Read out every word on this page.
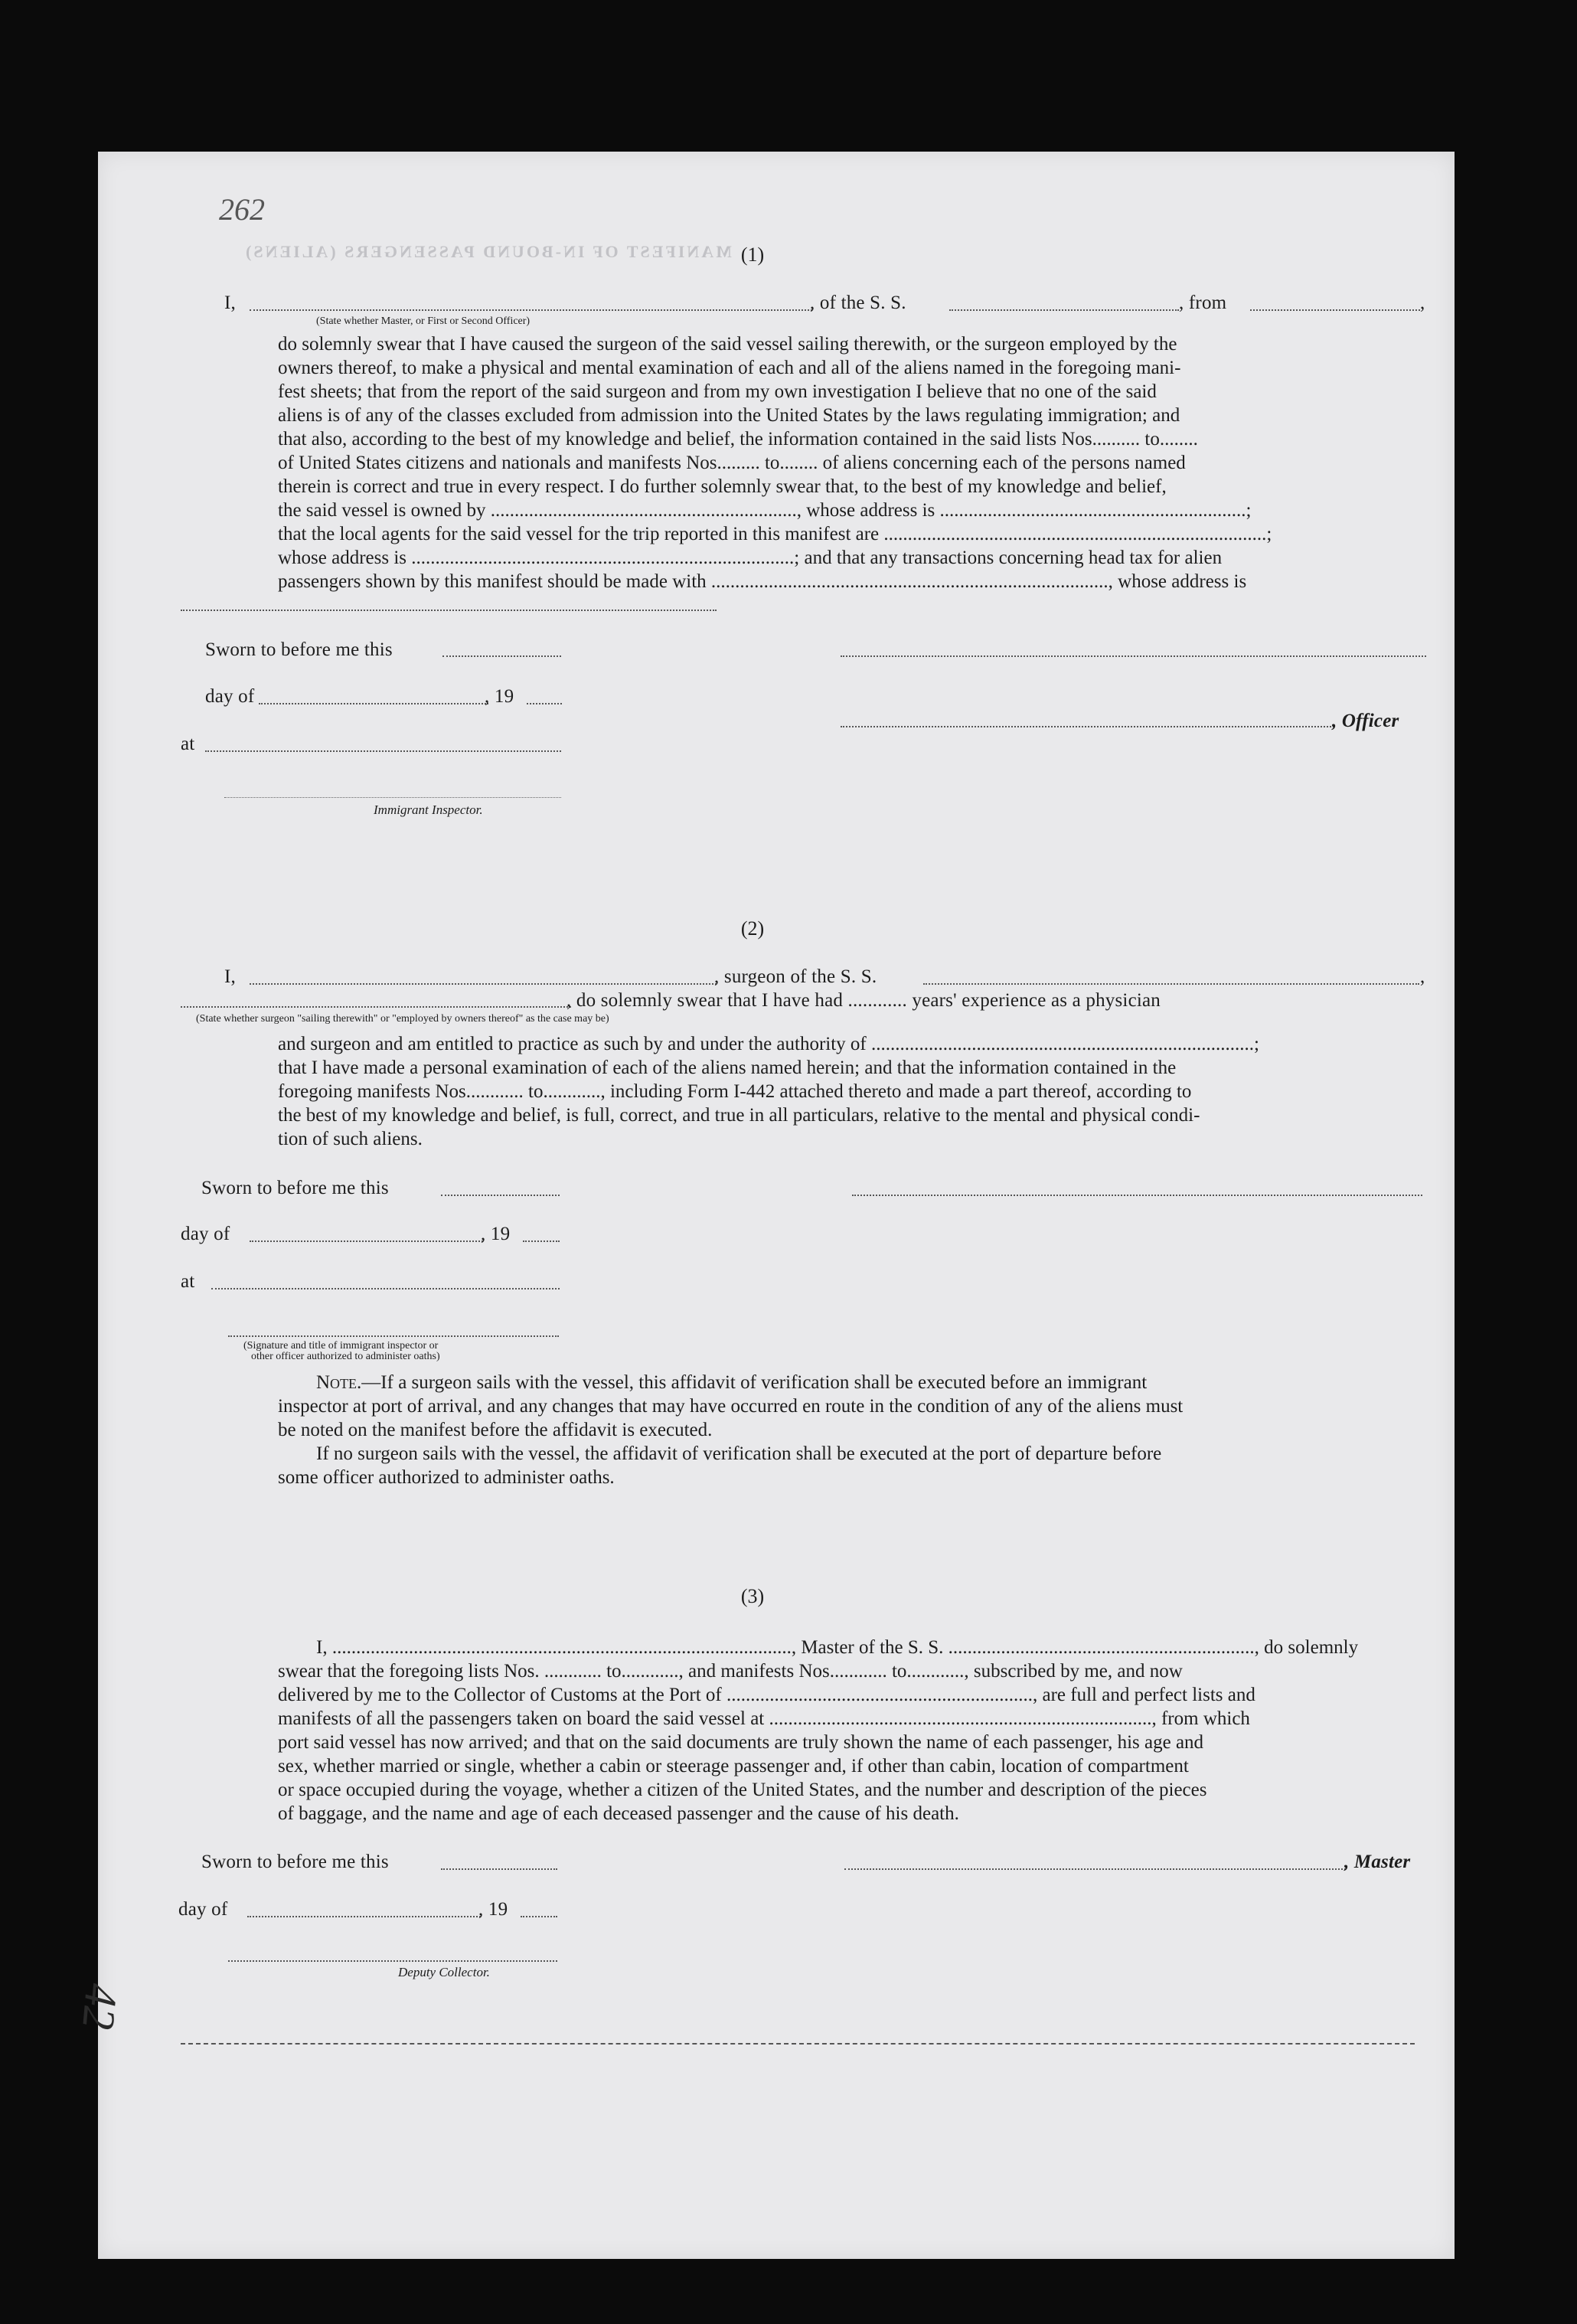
MANIFEST OF IN-BOUND PASSENGERS (ALIENS)
262
(1)
I,	, of the S. S.	, from	,
(State whether Master, or First or Second Officer)
do solemnly swear that I have caused the surgeon of the said vessel sailing therewith, or the surgeon employed by the
owners thereof, to make a physical and mental examination of each and all of the aliens named in the foregoing mani-
fest sheets; that from the report of the said surgeon and from my own investigation I believe that no one of the said
aliens is of any of the classes excluded from admission into the United States by the laws regulating immigration; and
that also, according to the best of my knowledge and belief, the information contained in the said lists Nos.......... to........
of United States citizens and nationals and manifests Nos......... to........ of aliens concerning each of the persons named
therein is correct and true in every respect. I do further solemnly swear that, to the best of my knowledge and belief,
the said vessel is owned by ................................................................, whose address is ................................................................;
that the local agents for the said vessel for the trip reported in this manifest are ................................................................................;
whose address is ................................................................................; and that any transactions concerning head tax for alien
passengers shown by this manifest should be made with ..................................................................................., whose address is
Sworn to before me this
day of	, 19
, Officer
at
Immigrant Inspector.
(2)
I,	, surgeon of the S. S.	,
, do solemnly swear that I have had ............ years' experience as a physician
(State whether surgeon "sailing therewith" or "employed by owners thereof" as the case may be)
and surgeon and am entitled to practice as such by and under the authority of ................................................................................;
that I have made a personal examination of each of the aliens named herein; and that the information contained in the
foregoing manifests Nos............ to............, including Form I-442 attached thereto and made a part thereof, according to
the best of my knowledge and belief, is full, correct, and true in all particulars, relative to the mental and physical condi-
tion of such aliens.
Sworn to before me this
day of	, 19
at
(Signature and title of immigrant inspector or
other officer authorized to administer oaths)
Note.—If a surgeon sails with the vessel, this affidavit of verification shall be executed before an immigrant
inspector at port of arrival, and any changes that may have occurred en route in the condition of any of the aliens must
be noted on the manifest before the affidavit is executed.
If no surgeon sails with the vessel, the affidavit of verification shall be executed at the port of departure before
some officer authorized to administer oaths.
(3)
I, ................................................................................................, Master of the S. S. ................................................................, do solemnly
swear that the foregoing lists Nos. ............ to............, and manifests Nos............ to............, subscribed by me, and now
delivered by me to the Collector of Customs at the Port of ................................................................, are full and perfect lists and
manifests of all the passengers taken on board the said vessel at ................................................................................, from which
port said vessel has now arrived; and that on the said documents are truly shown the name of each passenger, his age and
sex, whether married or single, whether a cabin or steerage passenger and, if other than cabin, location of compartment
or space occupied during the voyage, whether a citizen of the United States, and the number and description of the pieces
of baggage, and the name and age of each deceased passenger and the cause of his death.
Sworn to before me this	, Master
day of	, 19
Deputy Collector.
42
